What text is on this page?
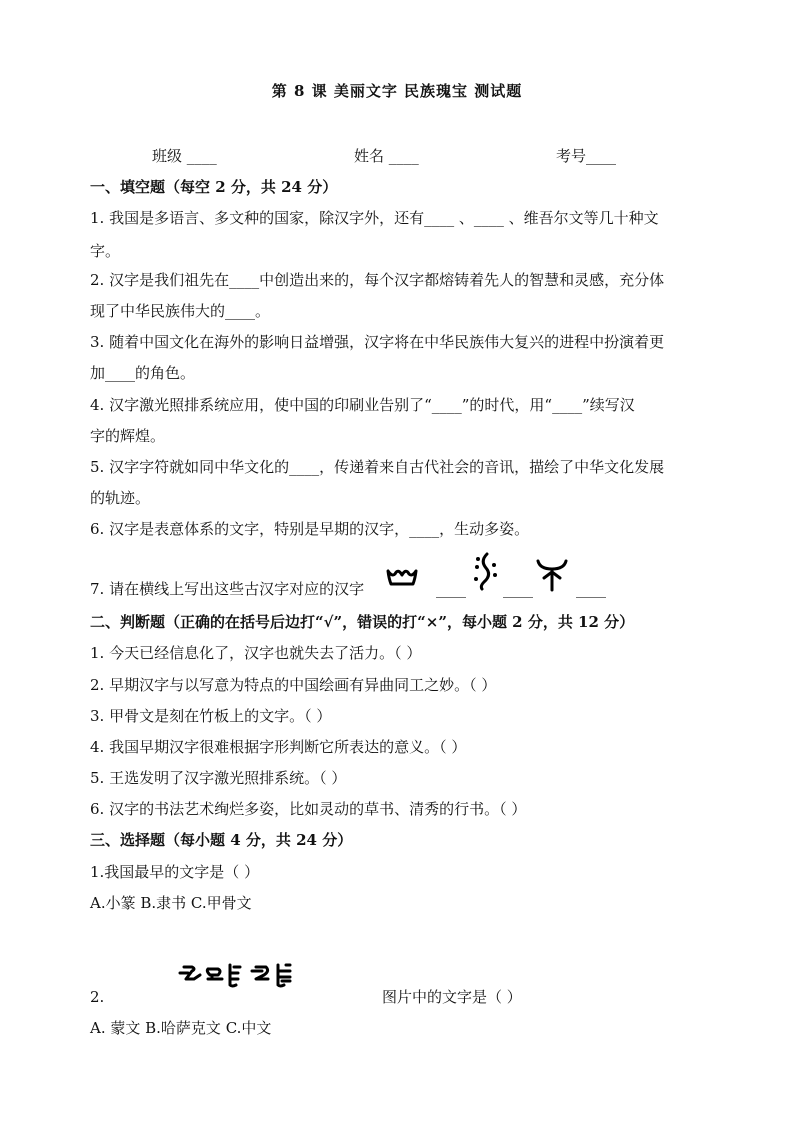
第 8 课 美丽文字 民族瑰宝 测试题
班级 ____	姓名 ____	考号____
一、填空题（每空 2 分，共 24 分）
1. 我国是多语言、多文种的国家，除汉字外，还有____ 、____ 、维吾尔文等几十种文
字。
2. 汉字是我们祖先在____中创造出来的，每个汉字都熔铸着先人的智慧和灵感，充分体
现了中华民族伟大的____。
3. 随着中国文化在海外的影响日益增强，汉字将在中华民族伟大复兴的进程中扮演着更
加____的角色。
4. 汉字激光照排系统应用，使中国的印刷业告别了“____”的时代，用“____”续写汉
字的辉煌。
5. 汉字字符就如同中华文化的____，传递着来自古代社会的音讯，描绘了中华文化发展
的轨迹。
6. 汉字是表意体系的文字，特别是早期的汉字，____，生动多姿。
7. 请在横线上写出这些古汉字对应的汉字	____ ____	____
二、判断题（正确的在括号后边打“√”，错误的打“×”，每小题 2 分，共 12 分）
1. 今天已经信息化了，汉字也就失去了活力。（ ）
2. 早期汉字与以写意为特点的中国绘画有异曲同工之妙。（ ）
3. 甲骨文是刻在竹板上的文字。（ ）
4. 我国早期汉字很难根据字形判断它所表达的意义。（ ）
5. 王选发明了汉字激光照排系统。（ ）
6. 汉字的书法艺术绚烂多姿，比如灵动的草书、清秀的行书。（ ）
三、选择题（每小题 4 分，共 24 分）
1.我国最早的文字是（ ）
A.小篆 B.隶书 C.甲骨文
2.	图片中的文字是（ ）
A. 蒙文 B.哈萨克文 C.中文
